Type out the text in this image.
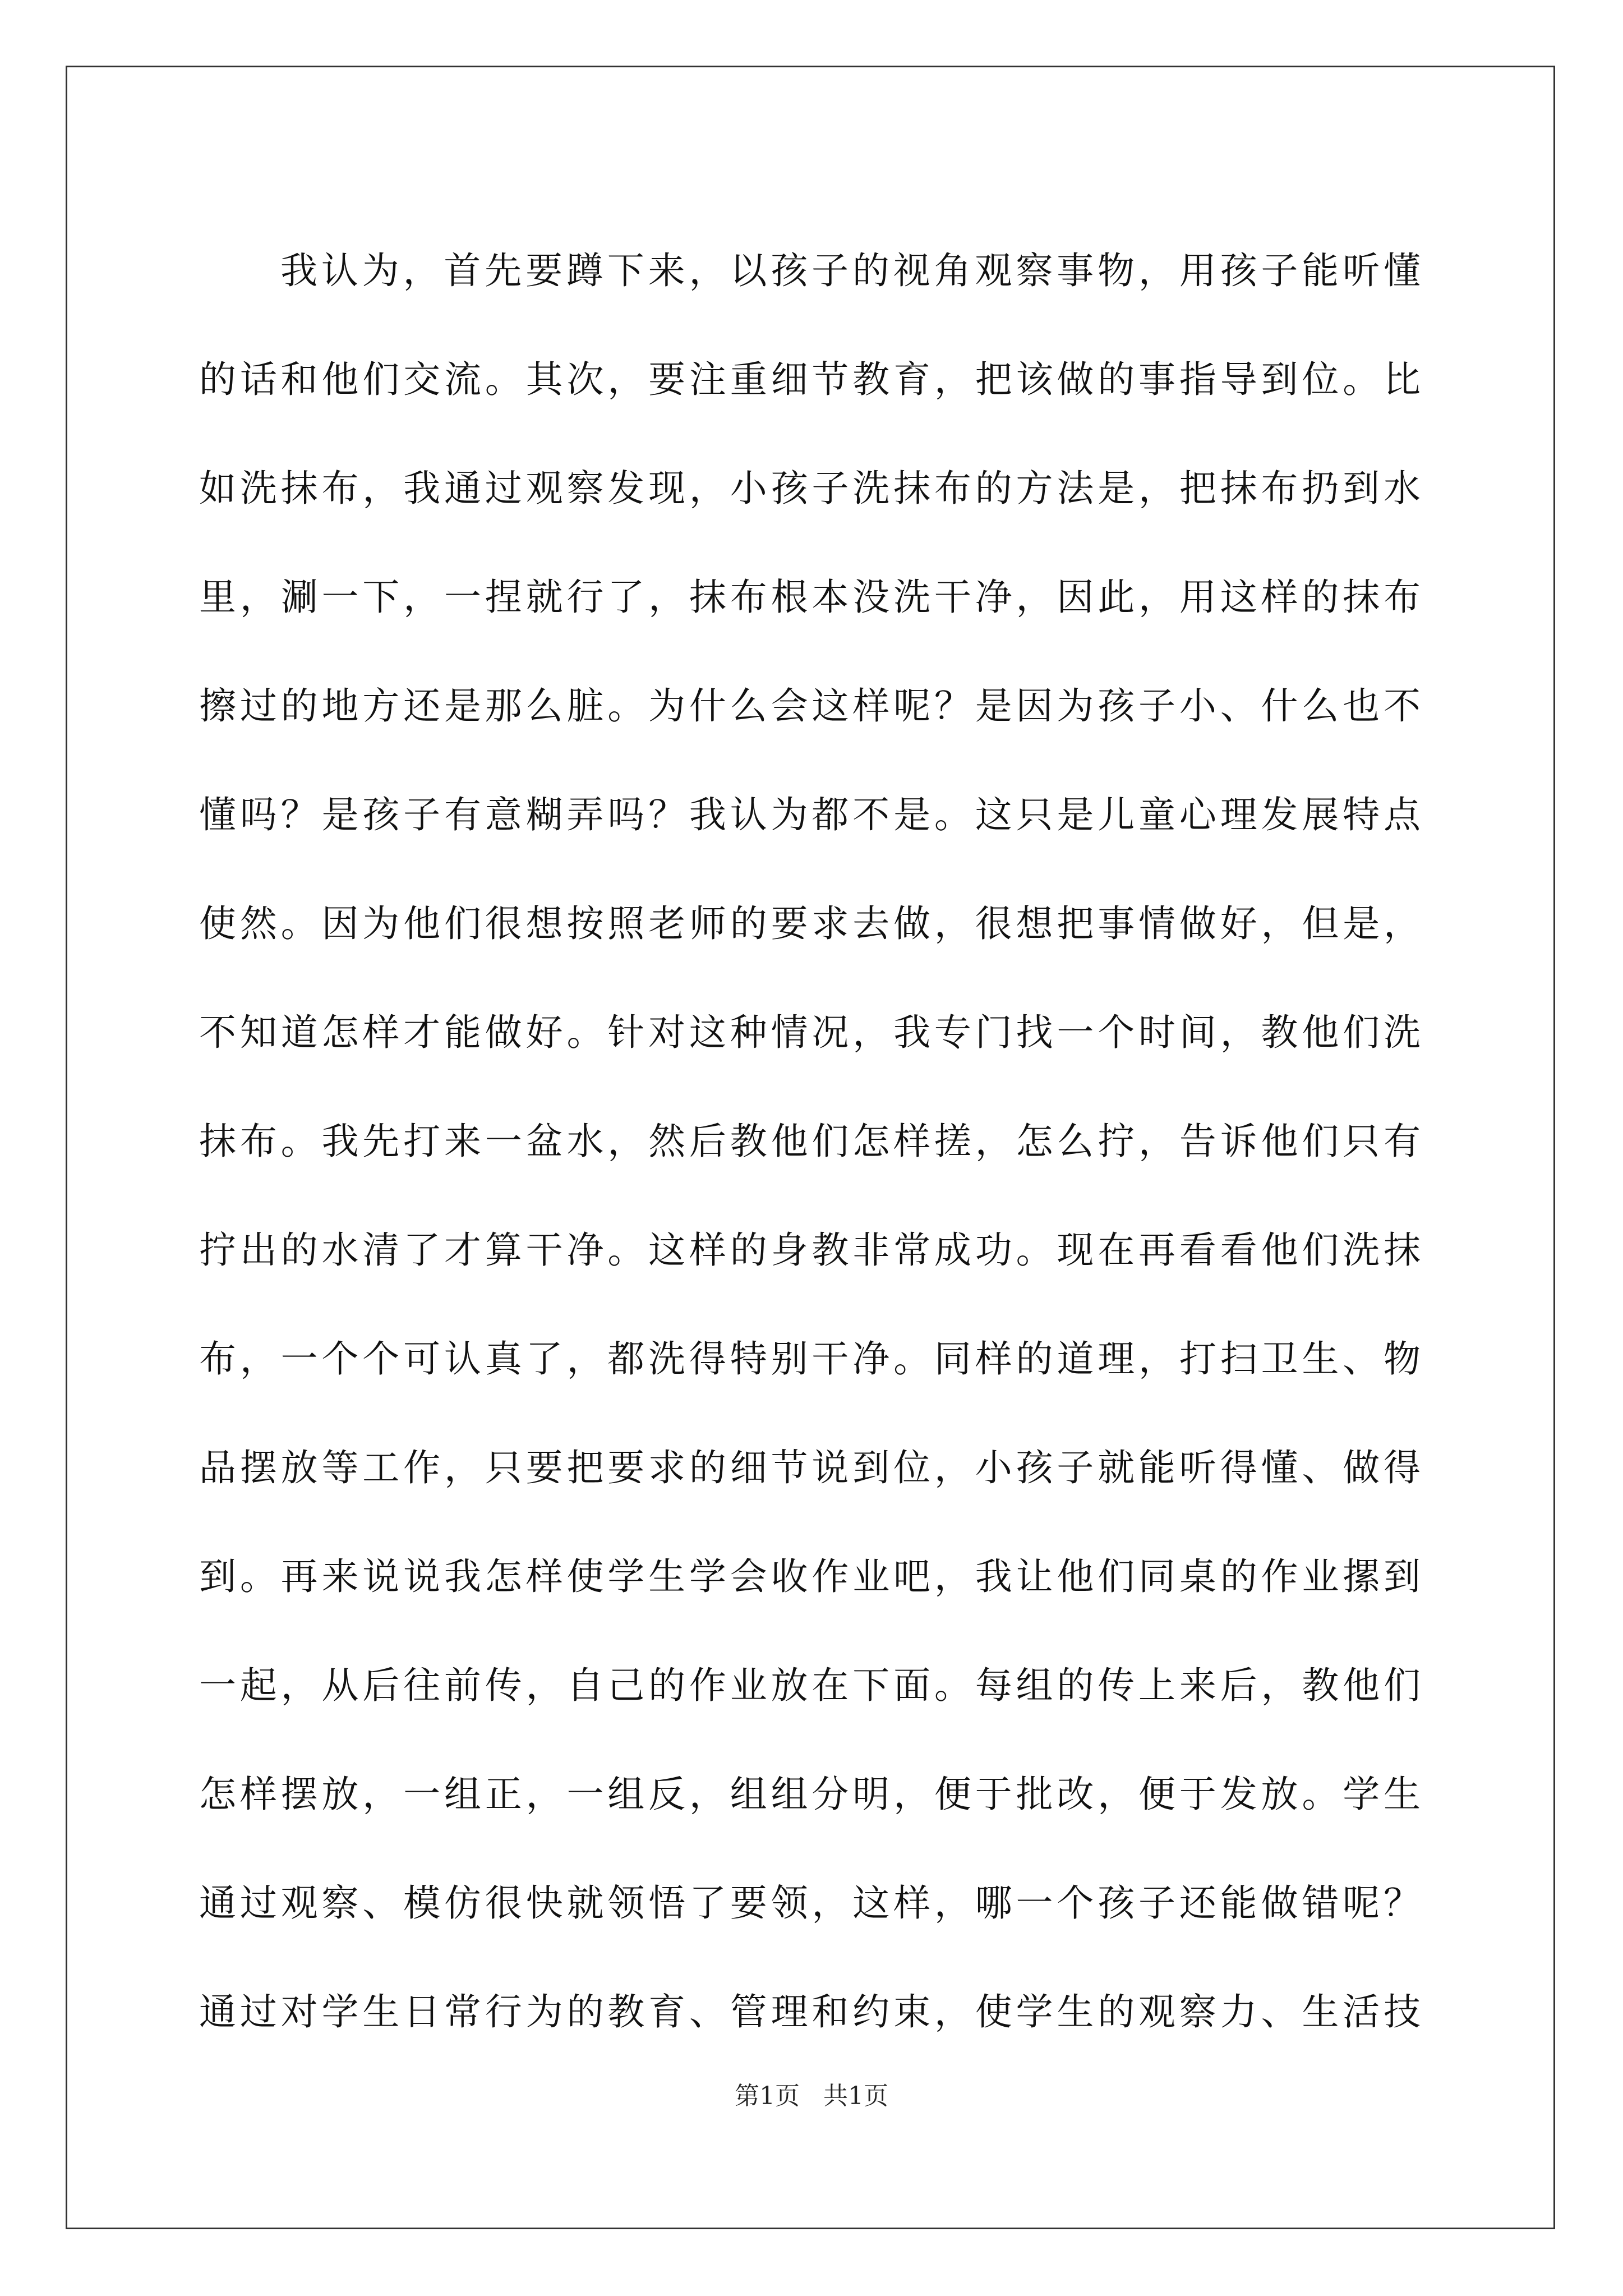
我认为，首先要蹲下来，以孩子的视角观察事物，用孩子能听懂
的话和他们交流。其次，要注重细节教育，把该做的事指导到位。比
如洗抹布，我通过观察发现，小孩子洗抹布的方法是，把抹布扔到水
里，涮一下，一捏就行了，抹布根本没洗干净，因此，用这样的抹布
擦过的地方还是那么脏。为什么会这样呢？是因为孩子小、什么也不
懂吗？是孩子有意糊弄吗？我认为都不是。这只是儿童心理发展特点
使然。因为他们很想按照老师的要求去做，很想把事情做好，但是，
不知道怎样才能做好。针对这种情况，我专门找一个时间，教他们洗
抹布。我先打来一盆水，然后教他们怎样搓，怎么拧，告诉他们只有
拧出的水清了才算干净。这样的身教非常成功。现在再看看他们洗抹
布，一个个可认真了，都洗得特别干净。同样的道理，打扫卫生、物
品摆放等工作，只要把要求的细节说到位，小孩子就能听得懂、做得
到。再来说说我怎样使学生学会收作业吧，我让他们同桌的作业摞到
一起，从后往前传，自己的作业放在下面。每组的传上来后，教他们
怎样摆放，一组正，一组反，组组分明，便于批改，便于发放。学生
通过观察、模仿很快就领悟了要领，这样，哪一个孩子还能做错呢？
通过对学生日常行为的教育、管理和约束，使学生的观察力、生活技
第1页   共1页
